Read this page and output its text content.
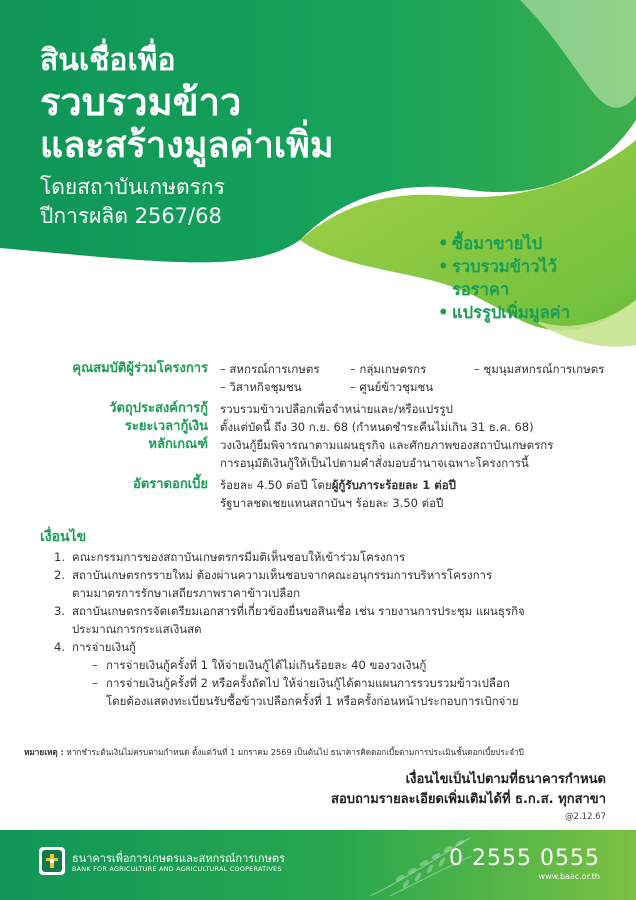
สินเชื่อเพื่อ
รวบรวมข้าว
และสร้างมูลค่าเพิ่ม
โดยสถาบันเกษตรกร
ปีการผลิต 2567/68
• ซื้อมาขายไป
• รวบรวมข้าวไว้
รอราคา
• แปรรูปเพิ่มมูลค่า
คุณสมบัติผู้ร่วมโครงการ	– สหกรณ์การเกษตร	– กลุ่มเกษตรกร	– ชุมนุมสหกรณ์การเกษตร
– วิสาหกิจชุมชน	– ศูนย์ข้าวชุมชน
วัตถุประสงค์การกู้	รวบรวมข้าวเปลือกเพื่อจำหน่ายและ/หรือแปรรูป
ระยะเวลากู้เงิน	ตั้งแต่บัดนี้ ถึง 30 ก.ย. 68 (กำหนดชำระคืนไม่เกิน 31 ธ.ค. 68)
หลักเกณฑ์	วงเงินกู้ยืมพิจารณาตามแผนธุรกิจ และศักยภาพของสถาบันเกษตรกร
การอนุมัติเงินกู้ให้เป็นไปตามคำสั่งมอบอำนาจเฉพาะโครงการนี้
อัตราดอกเบี้ย	ร้อยละ 4.50 ต่อปี โดยผู้กู้รับภาระร้อยละ 1 ต่อปี
รัฐบาลชดเชยแทนสถาบันฯ ร้อยละ 3.50 ต่อปี
เงื่อนไข
1. คณะกรรมการของสถาบันเกษตรกรมีมติเห็นชอบให้เข้าร่วมโครงการ
2. สถาบันเกษตรกรรายใหม่ ต้องผ่านความเห็นชอบจากคณะอนุกรรมการบริหารโครงการ
ตามมาตรการรักษาเสถียรภาพราคาข้าวเปลือก
3. สถาบันเกษตรกรจัดเตรียมเอกสารที่เกี่ยวข้องยื่นขอสินเชื่อ เช่น รายงานการประชุม แผนธุรกิจ
ประมาณการกระแสเงินสด
4. การจ่ายเงินกู้
– การจ่ายเงินกู้ครั้งที่ 1 ให้จ่ายเงินกู้ได้ไม่เกินร้อยละ 40 ของวงเงินกู้
– การจ่ายเงินกู้ครั้งที่ 2 หรือครั้งถัดไป ให้จ่ายเงินกู้ได้ตามแผนการรวบรวมข้าวเปลือก
โดยต้องแสดงทะเบียนรับซื้อข้าวเปลือกครั้งที่ 1 หรือครั้งก่อนหน้าประกอบการเบิกจ่าย
หมายเหตุ : หากชำระต้นเงินไม่ครบตามกำหนด ตั้งแต่วันที่ 1 มกราคม 2569 เป็นต้นไป ธนาคารคิดดอกเบี้ยตามการประเมินชั้นดอกเบี้ยประจำปี
เงื่อนไขเป็นไปตามที่ธนาคารกำหนด
สอบถามรายละเอียดเพิ่มเติมได้ที่ ธ.ก.ส. ทุกสาขา
@2.12.67
ธนาคารเพื่อการเกษตรและสหกรณ์การเกษตร
BANK FOR AGRICULTURE AND AGRICULTURAL COOPERATIVES	0 2555 0555
www.baac.or.th
